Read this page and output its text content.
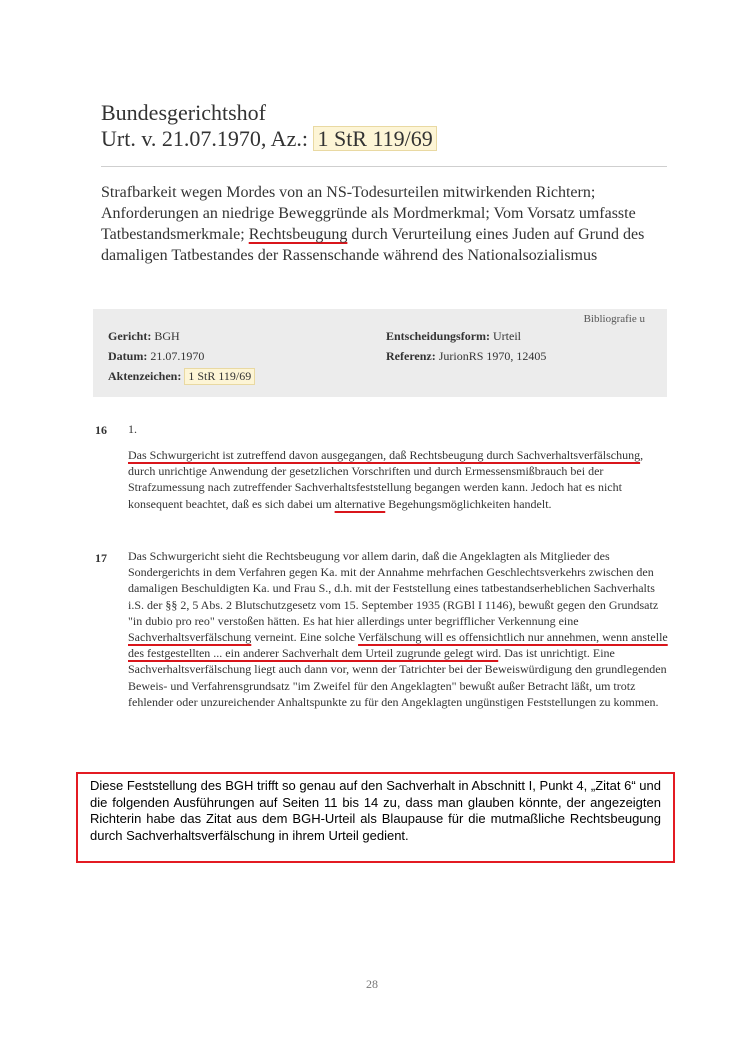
Bundesgerichtshof
Urt. v. 21.07.1970, Az.: 1 StR 119/69
Strafbarkeit wegen Mordes von an NS-Todesurteilen mitwirkenden Richtern; Anforderungen an niedrige Beweggründe als Mordmerkmal; Vom Vorsatz umfasste Tatbestandsmerkmale; Rechtsbeugung durch Verurteilung eines Juden auf Grund des damaligen Tatbestandes der Rassenschande während des Nationalsozialismus
Bibliografie u
Gericht: BGH
Datum: 21.07.1970
Aktenzeichen: 1 StR 119/69
Entscheidungsform: Urteil
Referenz: JurionRS 1970, 12405
16 1.
Das Schwurgericht ist zutreffend davon ausgegangen, daß Rechtsbeugung durch Sachverhaltsverfälschung, durch unrichtige Anwendung der gesetzlichen Vorschriften und durch Ermessensmißbrauch bei der Strafzumessung nach zutreffender Sachverhaltsfeststellung begangen werden kann. Jedoch hat es nicht konsequent beachtet, daß es sich dabei um alternative Begehungsmöglichkeiten handelt.
17 Das Schwurgericht sieht die Rechtsbeugung vor allem darin, daß die Angeklagten als Mitglieder des Sondergerichts in dem Verfahren gegen Ka. mit der Annahme mehrfachen Geschlechtsverkehrs zwischen den damaligen Beschuldigten Ka. und Frau S., d.h. mit der Feststellung eines tatbestandserheblichen Sachverhalts i.S. der §§ 2, 5 Abs. 2 Blutschutzgesetz vom 15. September 1935 (RGBl I 1146), bewußt gegen den Grundsatz "in dubio pro reo" verstoßen hätten. Es hat hier allerdings unter begrifflicher Verkennung eine Sachverhaltsverfälschung verneint. Eine solche Verfälschung will es offensichtlich nur annehmen, wenn anstelle des festgestellten ... ein anderer Sachverhalt dem Urteil zugrunde gelegt wird. Das ist unrichtigt. Eine Sachverhaltsverfälschung liegt auch dann vor, wenn der Tatrichter bei der Beweiswürdigung den grundlegenden Beweis- und Verfahrensgrundsatz "im Zweifel für den Angeklagten" bewußt außer Betracht läßt, um trotz fehlender oder unzureichender Anhaltspunkte zu für den Angeklagten ungünstigen Feststellungen zu kommen.
Diese Feststellung des BGH trifft so genau auf den Sachverhalt in Abschnitt I, Punkt 4, „Zitat 6“ und die folgenden Ausführungen auf Seiten 11 bis 14 zu, dass man glauben könnte, der angezeigten Richterin habe das Zitat aus dem BGH-Urteil als Blaupause für die mutmaßliche Rechtsbeugung durch Sachverhaltsverfälschung in ihrem Urteil gedient.
28
